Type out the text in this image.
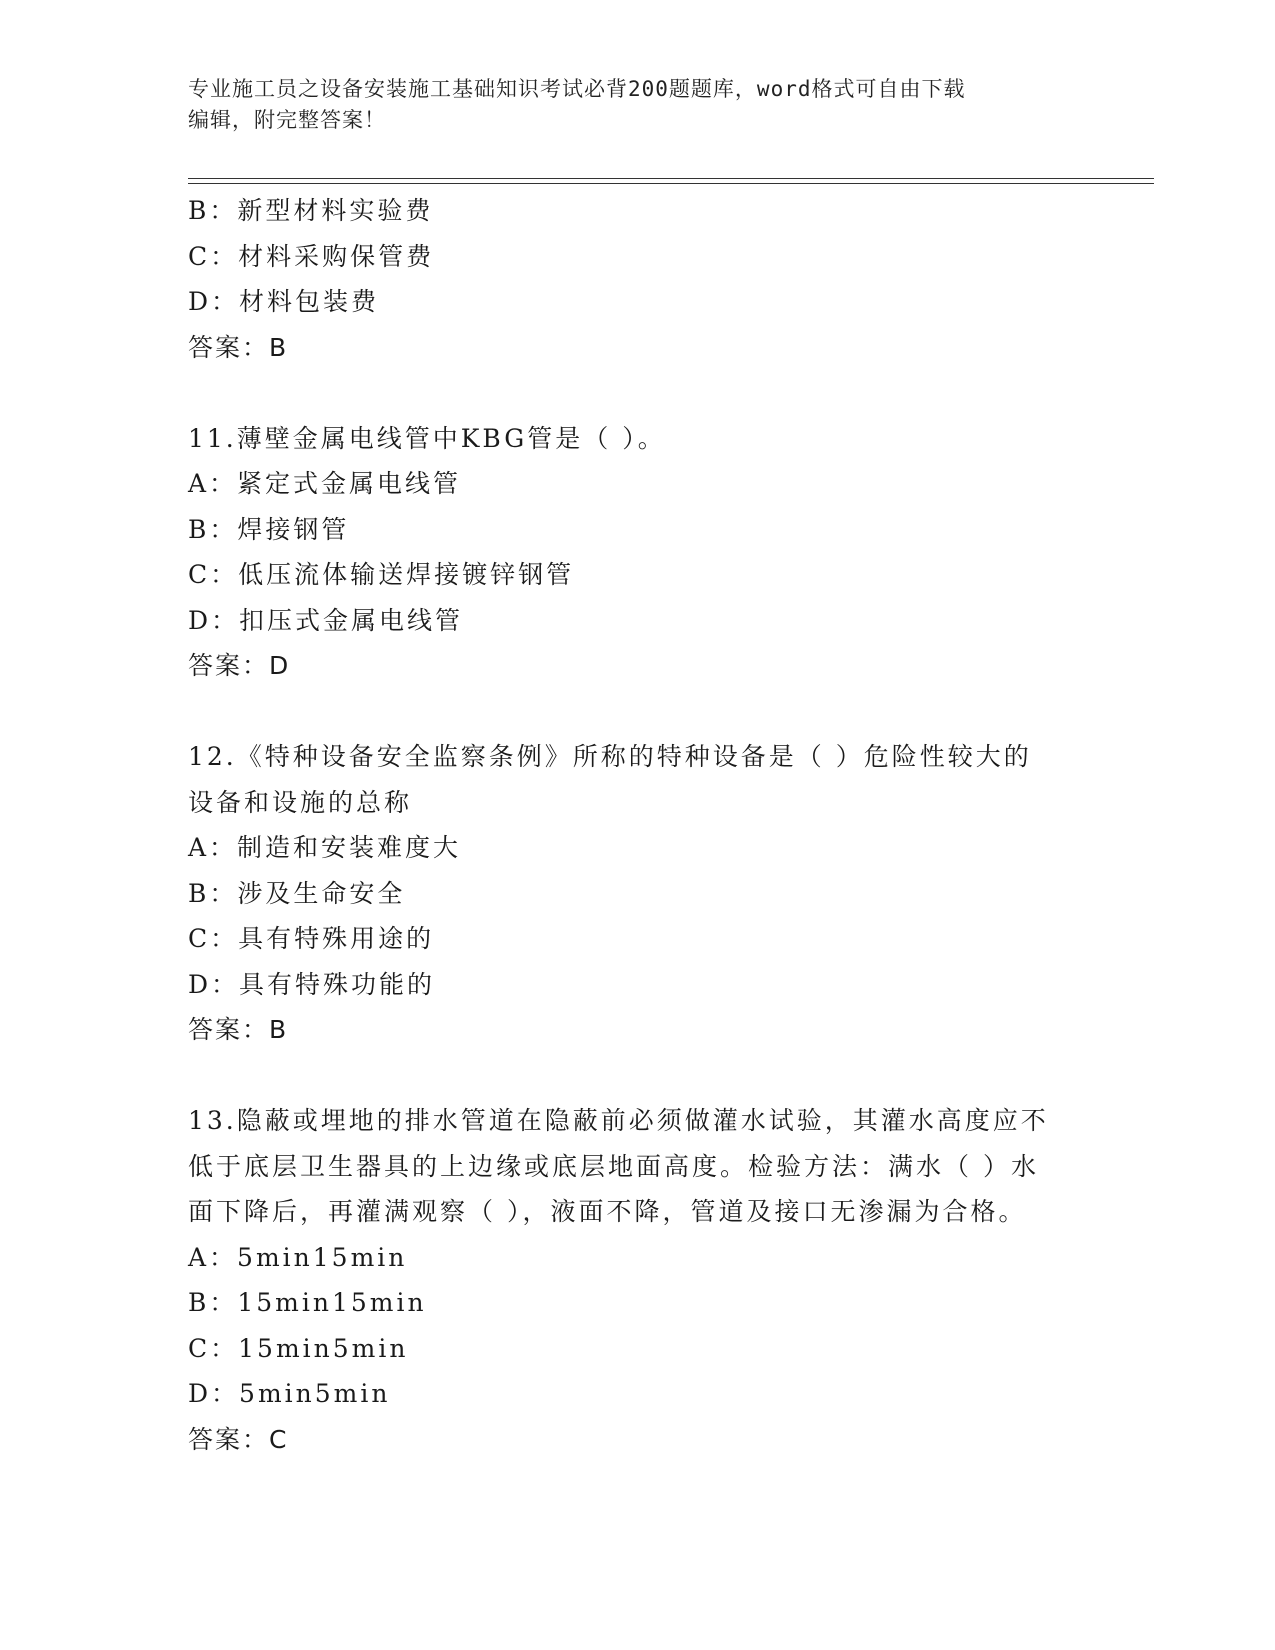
专业施工员之设备安装施工基础知识考试必背200题题库，word格式可自由下载
编辑，附完整答案！
B：新型材料实验费
C：材料采购保管费
D：材料包装费
答案：B
11.薄壁金属电线管中KBG管是（ ）。
A：紧定式金属电线管
B：焊接钢管
C：低压流体输送焊接镀锌钢管
D：扣压式金属电线管
答案：D
12.《特种设备安全监察条例》所称的特种设备是（ ）危险性较大的
设备和设施的总称
A：制造和安装难度大
B：涉及生命安全
C：具有特殊用途的
D：具有特殊功能的
答案：B
13.隐蔽或埋地的排水管道在隐蔽前必须做灌水试验，其灌水高度应不
低于底层卫生器具的上边缘或底层地面高度。检验方法：满水（ ）水
面下降后，再灌满观察（ ），液面不降，管道及接口无渗漏为合格。
A：5min15min
B：15min15min
C：15min5min
D：5min5min
答案：C
